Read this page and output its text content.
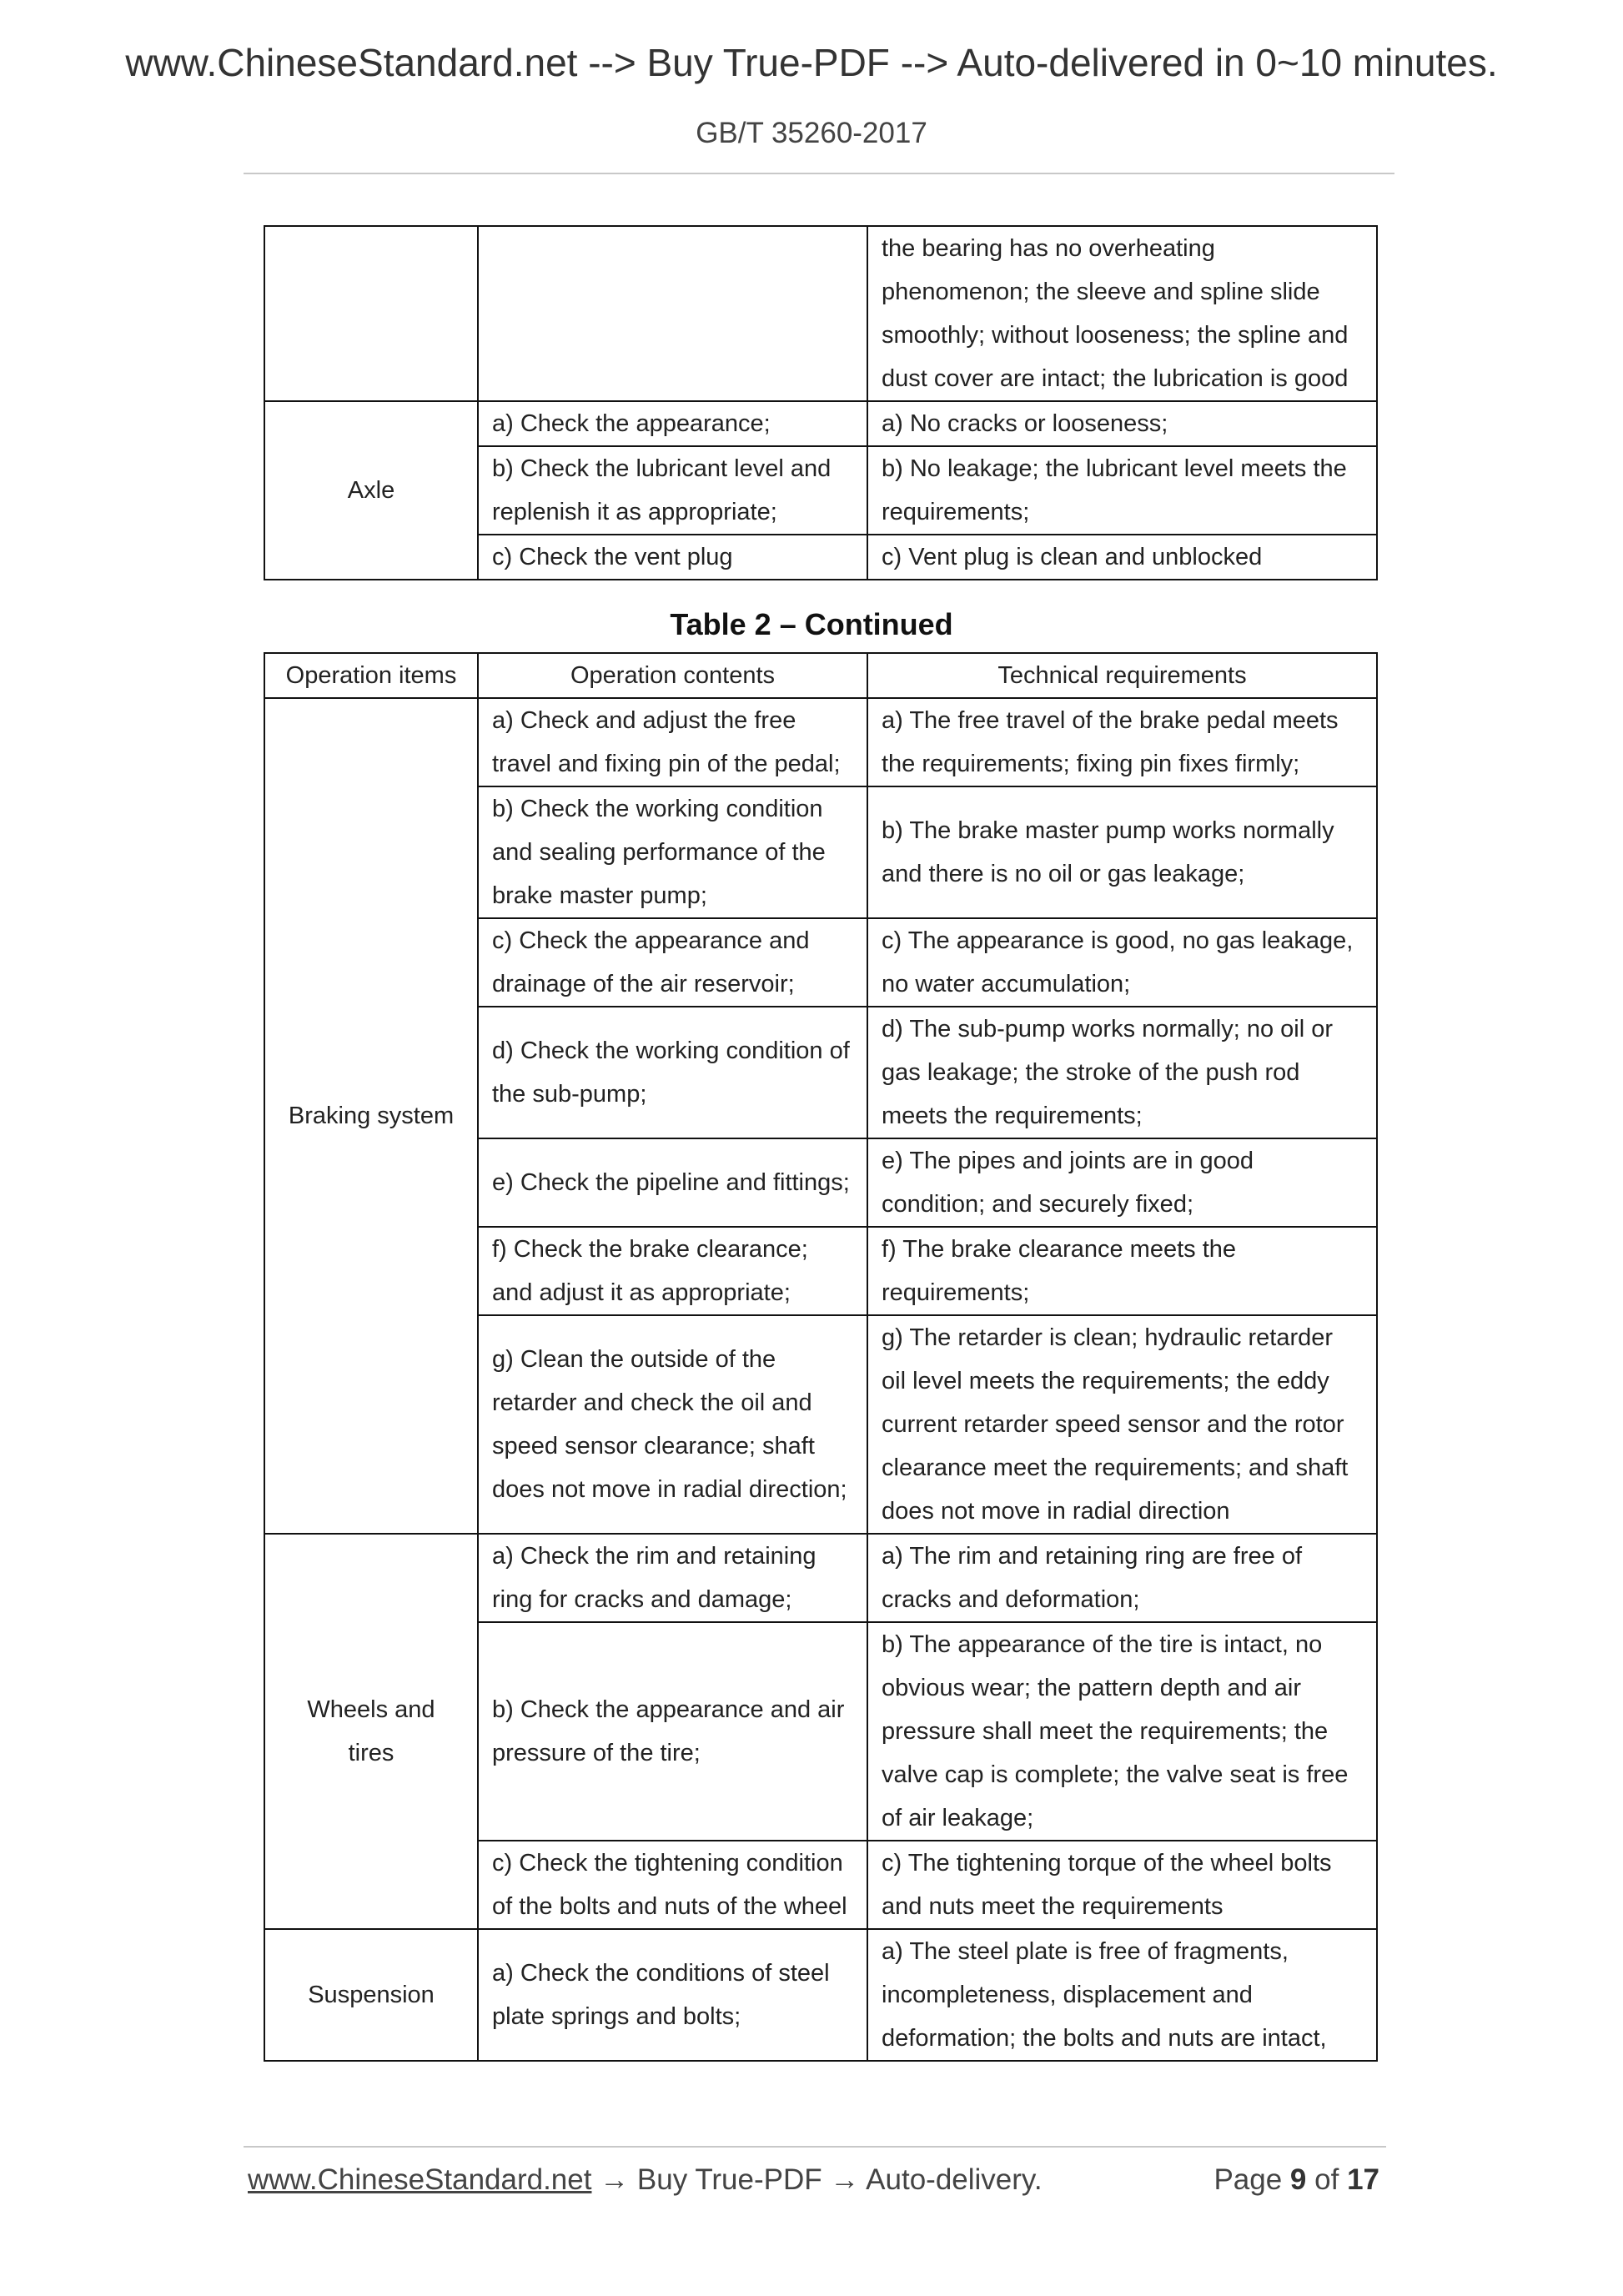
www.ChineseStandard.net --> Buy True-PDF --> Auto-delivered in 0~10 minutes.
GB/T 35260-2017
		the bearing has no overheating phenomenon; the sleeve and spline slide smoothly; without looseness; the spline and dust cover are intact; the lubrication is good
Axle	a) Check the appearance;	a) No cracks or looseness;
	b) Check the lubricant level and replenish it as appropriate;	b) No leakage; the lubricant level meets the requirements;
	c) Check the vent plug	c) Vent plug is clean and unblocked
Table 2 – Continued
Operation items	Operation contents	Technical requirements
Braking system	a) Check and adjust the free travel and fixing pin of the pedal;	a) The free travel of the brake pedal meets the requirements; fixing pin fixes firmly;
	b) Check the working condition and sealing performance of the brake master pump;	b) The brake master pump works normally and there is no oil or gas leakage;
	c) Check the appearance and drainage of the air reservoir;	c) The appearance is good, no gas leakage, no water accumulation;
	d) Check the working condition of the sub-pump;	d) The sub-pump works normally; no oil or gas leakage; the stroke of the push rod meets the requirements;
	e) Check the pipeline and fittings;	e) The pipes and joints are in good condition; and securely fixed;
	f) Check the brake clearance; and adjust it as appropriate;	f) The brake clearance meets the requirements;
	g) Clean the outside of the retarder and check the oil and speed sensor clearance; shaft does not move in radial direction;	g) The retarder is clean; hydraulic retarder oil level meets the requirements; the eddy current retarder speed sensor and the rotor clearance meet the requirements; and shaft does not move in radial direction
Wheels and tires	a) Check the rim and retaining ring for cracks and damage;	a) The rim and retaining ring are free of cracks and deformation;
	b) Check the appearance and air pressure of the tire;	b) The appearance of the tire is intact, no obvious wear; the pattern depth and air pressure shall meet the requirements; the valve cap is complete; the valve seat is free of air leakage;
	c) Check the tightening condition of the bolts and nuts of the wheel	c) The tightening torque of the wheel bolts and nuts meet the requirements
Suspension	a) Check the conditions of steel plate springs and bolts;	a) The steel plate is free of fragments, incompleteness, displacement and deformation; the bolts and nuts are intact,
www.ChineseStandard.net → Buy True-PDF → Auto-delivery.	Page 9 of 17
